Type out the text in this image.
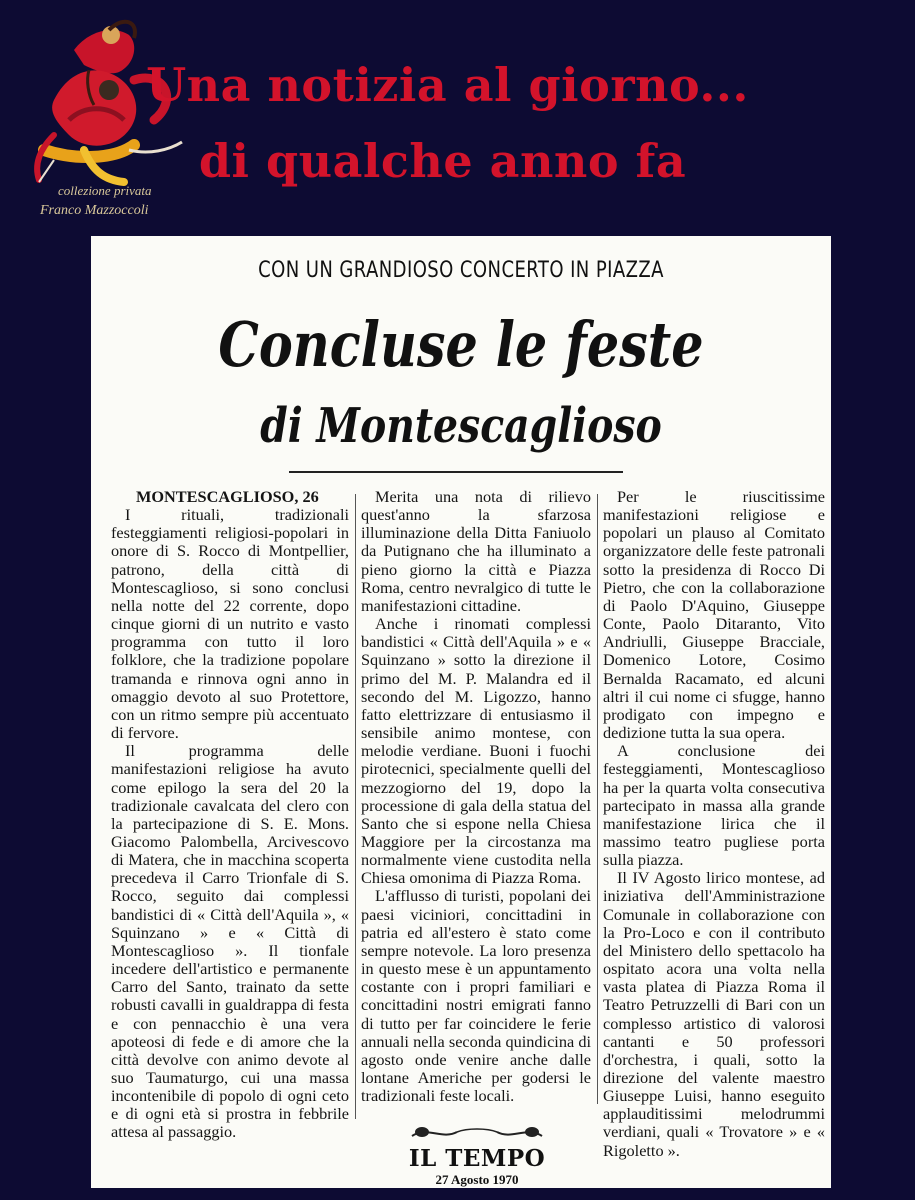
collezione privata
Franco Mazzoccoli
Una notizia al giorno...
di qualche anno fa
CON UN GRANDIOSO CONCERTO IN PIAZZA
Concluse le feste
di Montescaglioso

MONTESCAGLIOSO, 26

I rituali, tradizionali festeggiamenti religiosi-popolari in onore di S. Rocco di Montpellier, patrono, della città di Montescaglioso, si sono conclusi nella notte del 22 corrente, dopo cinque giorni di un nutrito e vasto programma con tutto il loro folklore, che la tradizione popolare tramanda e rinnova ogni anno in omaggio devoto al suo Protettore, con un ritmo sempre più accentuato di fervore.

Il programma delle manifestazioni religiose ha avuto come epilogo la sera del 20 la tradizionale cavalcata del clero con la partecipazione di S. E. Mons. Giacomo Palombella, Arcivescovo di Matera, che in macchina scoperta precedeva il Carro Trionfale di S. Rocco, seguito dai complessi bandistici di « Città dell'Aquila », « Squinzano » e « Città di Montescaglioso ». Il tionfale incedere dell'artistico e permanente Carro del Santo, trainato da sette robusti cavalli in gualdrappa di festa e con pennacchio è una vera apoteosi di fede e di amore che la città devolve con animo devote al suo Taumaturgo, cui una massa incontenibile di popolo di ogni ceto e di ogni età si prostra in febbrile attesa al passaggio.

Merita una nota di rilievo quest'anno la sfarzosa illuminazione della Ditta Faniuolo da Putignano che ha illuminato a pieno giorno la città e Piazza Roma, centro nevralgico di tutte le manifestazioni cittadine.

Anche i rinomati complessi bandistici « Città dell'Aquila » e « Squinzano » sotto la direzione il primo del M. P. Malandra ed il secondo del M. Ligozzo, hanno fatto elettrizzare di entusiasmo il sensibile animo montese, con melodie verdiane. Buoni i fuochi pirotecnici, specialmente quelli del mezzogiorno del 19, dopo la processione di gala della statua del Santo che si espone nella Chiesa Maggiore per la circostanza ma normalmente viene custodita nella Chiesa omonima di Piazza Roma.

L'afflusso di turisti, popolani dei paesi viciniori, concittadini in patria ed all'estero è stato come sempre notevole. La loro presenza in questo mese è un appuntamento costante con i propri familiari e concittadini nostri emigrati fanno di tutto per far coincidere le ferie annuali nella seconda quindicina di agosto onde venire anche dalle lontane Americhe per godersi le tradizionali feste locali.

Per le riuscitissime manifestazioni religiose e popolari un plauso al Comitato organizzatore delle feste patronali sotto la presidenza di Rocco Di Pietro, che con la collaborazione di Paolo D'Aquino, Giuseppe Conte, Paolo Ditaranto, Vito Andriulli, Giuseppe Bracciale, Domenico Lotore, Cosimo Bernalda Racamato, ed alcuni altri il cui nome ci sfugge, hanno prodigato con impegno e dedizione tutta la sua opera.

A conclusione dei festeggiamenti, Montescaglioso ha per la quarta volta consecutiva partecipato in massa alla grande manifestazione lirica che il massimo teatro pugliese porta sulla piazza.

Il IV Agosto lirico montese, ad iniziativa dell'Amministrazione Comunale in collaborazione con la Pro-Loco e con il contributo del Ministero dello spettacolo ha ospitato acora una volta nella vasta platea di Piazza Roma il Teatro Petruzzelli di Bari con un complesso artistico di valorosi cantanti e 50 professori d'orchestra, i quali, sotto la direzione del valente maestro Giuseppe Luisi, hanno eseguito applauditissimi melodrummi verdiani, quali « Trovatore » e « Rigoletto ».

IL TEMPO
27 Agosto 1970
